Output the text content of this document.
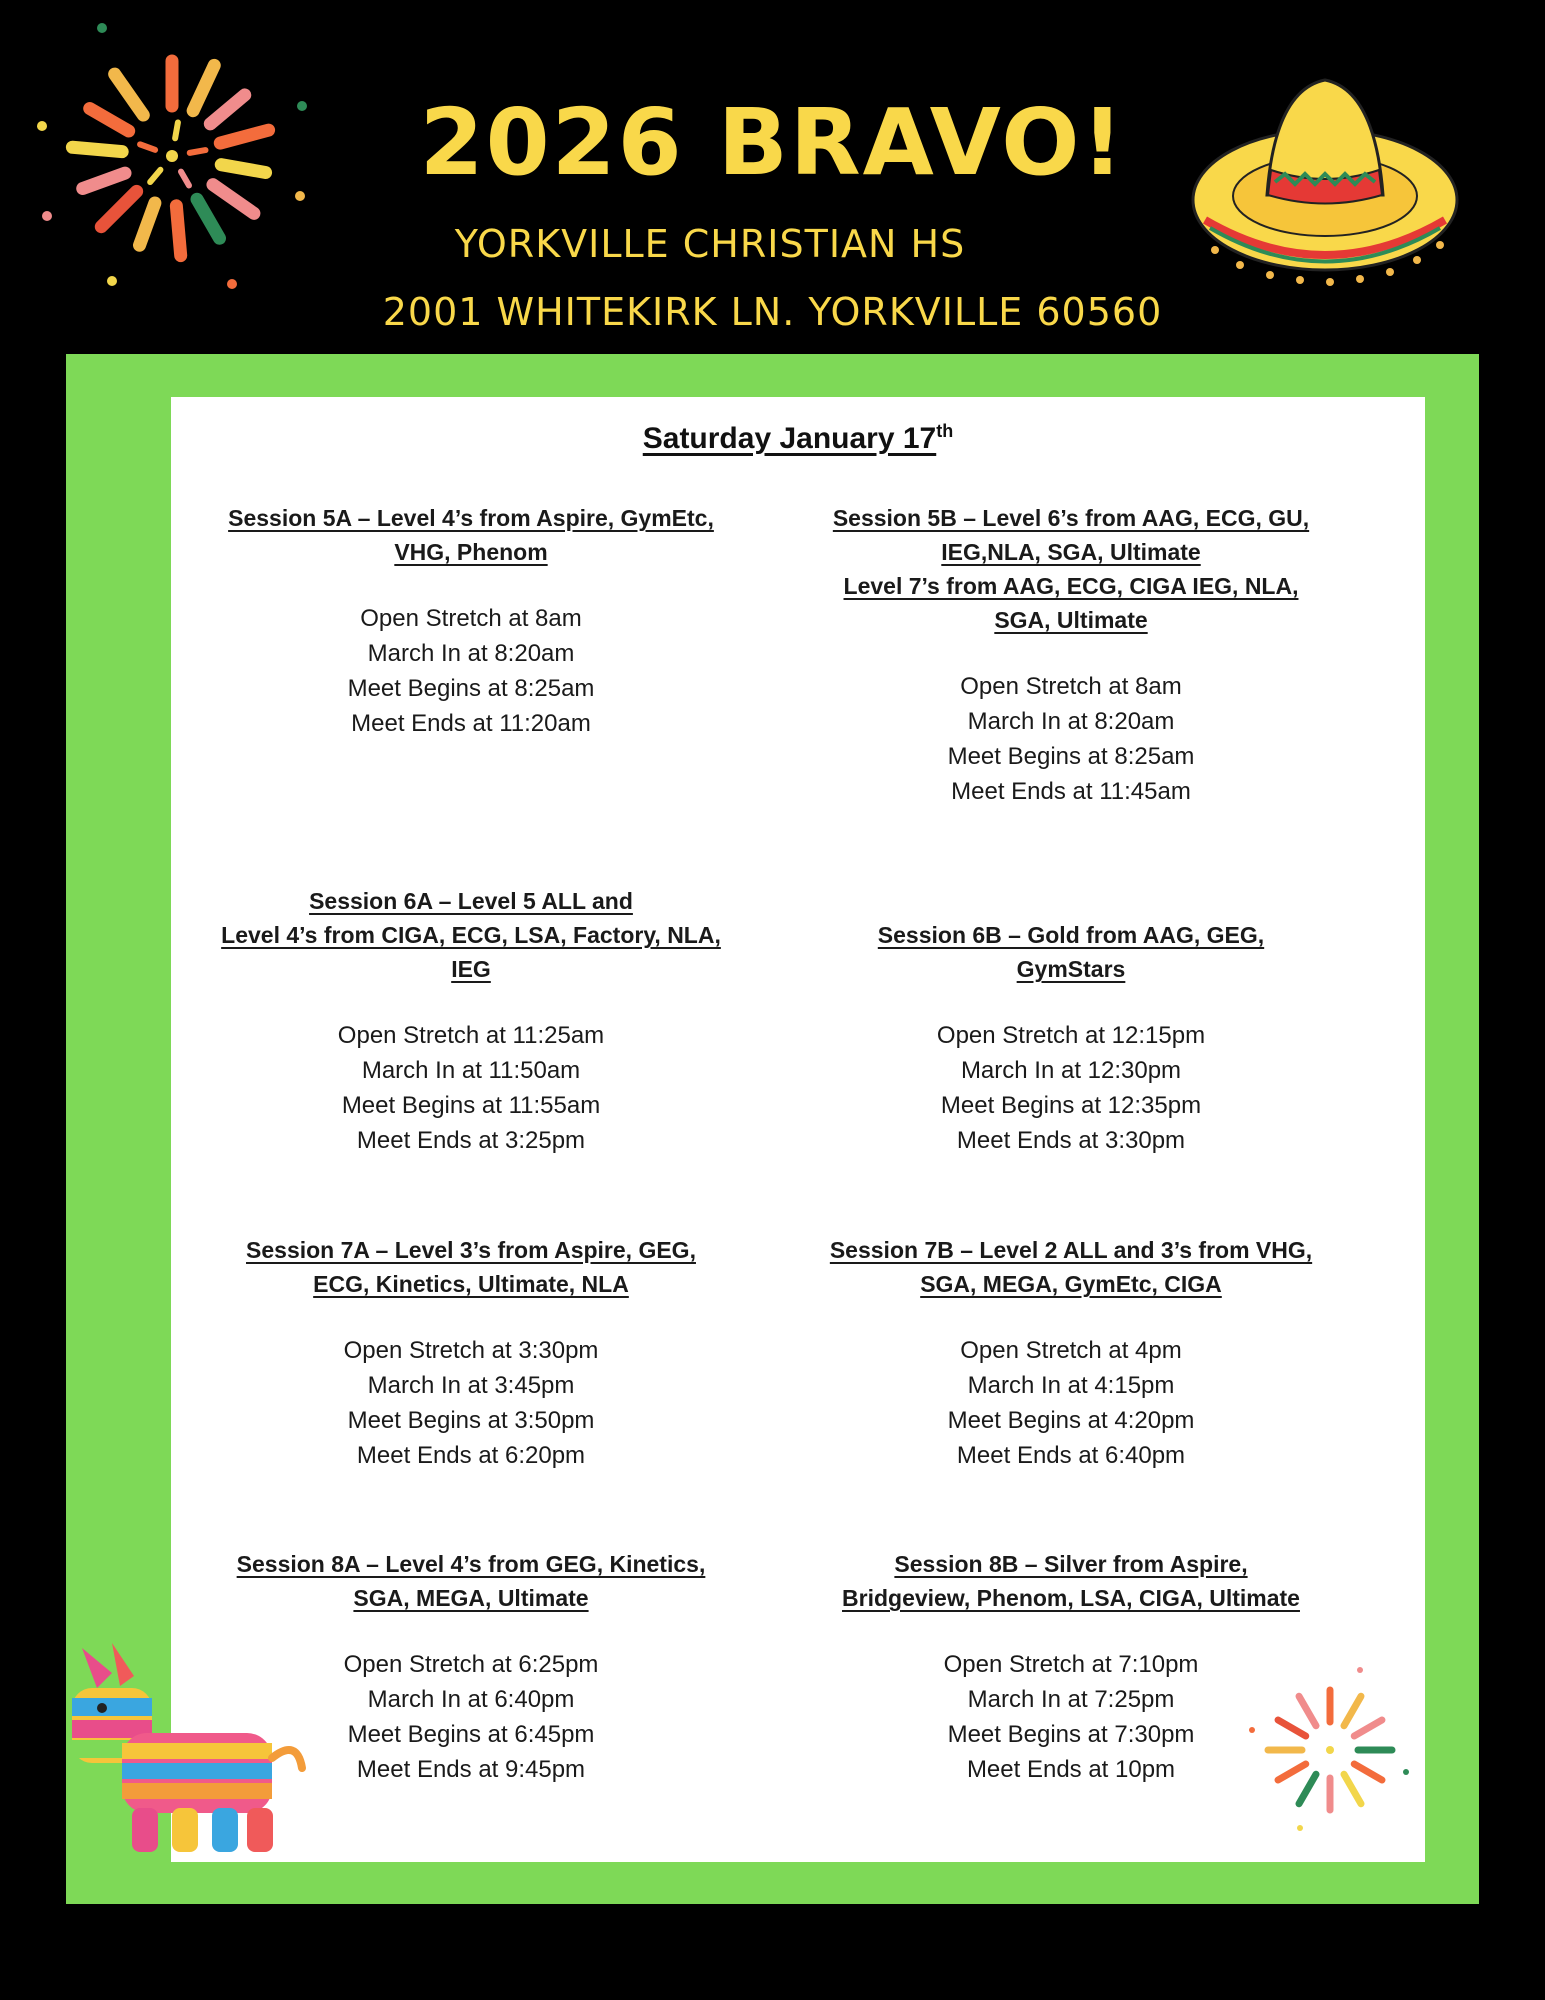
2026 BRAVO!
YORKVILLE CHRISTIAN HS
2001 WHITEKIRK LN. YORKVILLE 60560
Saturday January 17th
Session 5A – Level 4’s from Aspire, GymEtc,
VHG, Phenom
Open Stretch at 8am
March In at 8:20am
Meet Begins at 8:25am
Meet Ends at 11:20am
Session 5B – Level 6’s from AAG, ECG, GU,
IEG,NLA, SGA, Ultimate
Level 7’s from AAG, ECG, CIGA IEG, NLA,
SGA, Ultimate
Open Stretch at 8am
March In at 8:20am
Meet Begins at 8:25am
Meet Ends at 11:45am
Session 6A – Level 5 ALL and
Level 4’s from CIGA, ECG, LSA, Factory, NLA,
IEG
Open Stretch at 11:25am
March In at 11:50am
Meet Begins at 11:55am
Meet Ends at 3:25pm
Session 6B – Gold from AAG, GEG,
GymStars
Open Stretch at 12:15pm
March In at 12:30pm
Meet Begins at 12:35pm
Meet Ends at 3:30pm
Session 7A – Level 3’s from Aspire, GEG,
ECG, Kinetics, Ultimate, NLA
Open Stretch at 3:30pm
March In at 3:45pm
Meet Begins at 3:50pm
Meet Ends at 6:20pm
Session 7B – Level 2 ALL and 3’s from VHG,
SGA, MEGA, GymEtc, CIGA
Open Stretch at 4pm
March In at 4:15pm
Meet Begins at 4:20pm
Meet Ends at 6:40pm
Session 8A – Level 4’s from GEG, Kinetics,
SGA, MEGA, Ultimate
Open Stretch at 6:25pm
March In at 6:40pm
Meet Begins at 6:45pm
Meet Ends at 9:45pm
Session 8B – Silver from Aspire,
Bridgeview, Phenom, LSA, CIGA, Ultimate
Open Stretch at 7:10pm
March In at 7:25pm
Meet Begins at 7:30pm
Meet Ends at 10pm
